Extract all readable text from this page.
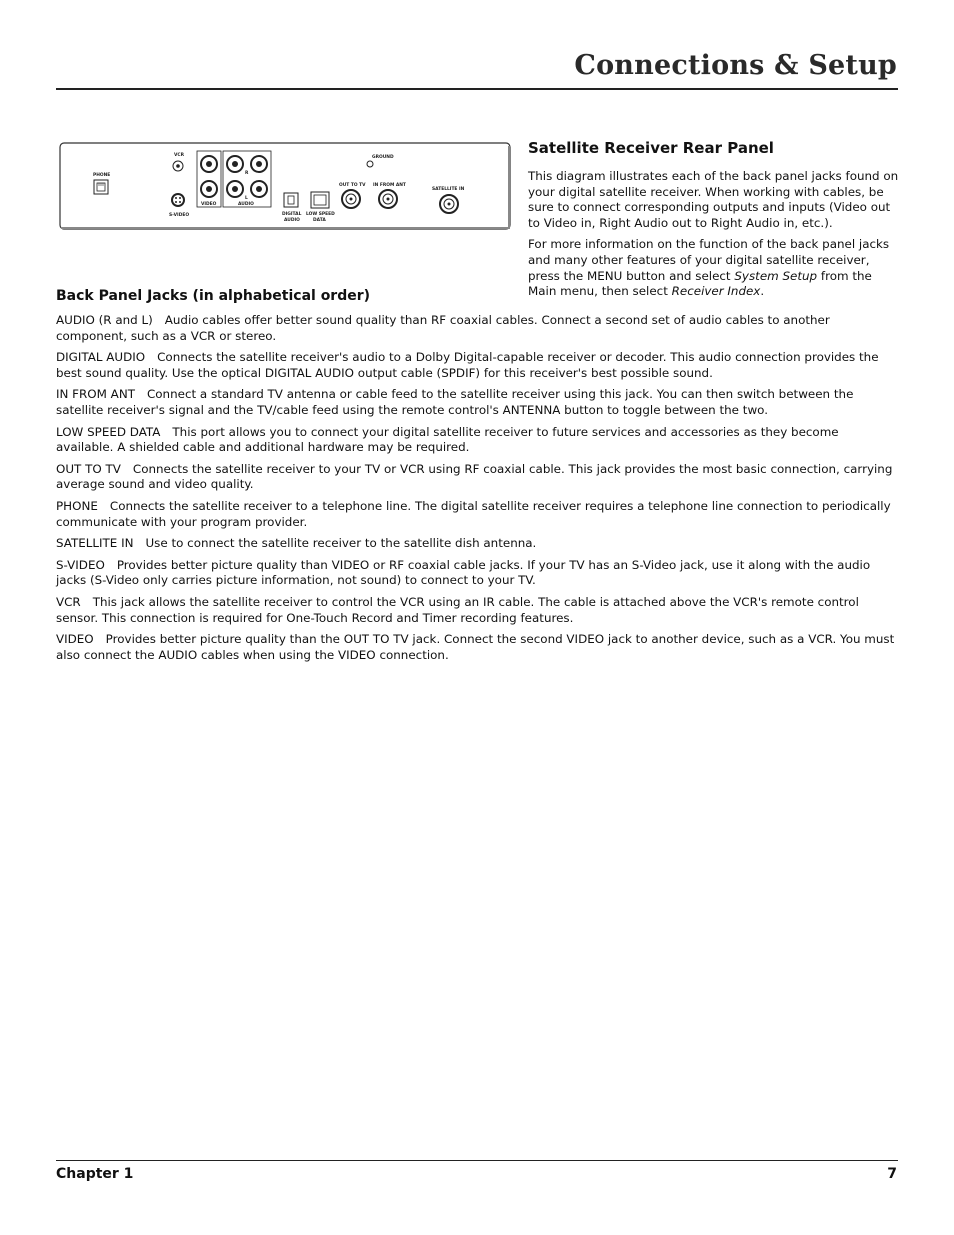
Connections & Setup
PHONE
VCR
S-VIDEO
R
L
VIDEO	AUDIO
DIGITAL
AUDIO
LOW SPEED
DATA
GROUND
OUT TO TV IN FROM ANT
SATELLITE IN
Satellite Receiver Rear Panel

This diagram illustrates each of the back panel jacks found on your digital satellite receiver. When working with cables, be sure to connect corresponding outputs and inputs (Video out to Video in, Right Audio out to Right Audio in, etc.).

For more information on the function of the back panel jacks and many other features of your digital satellite receiver, press the MENU button and select System Setup from the Main menu, then select Receiver Index.

Back Panel Jacks (in alphabetical order)

AUDIO (R and L) Audio cables offer better sound quality than RF coaxial cables. Connect a second set of audio cables to another component, such as a VCR or stereo.

DIGITAL AUDIO Connects the satellite receiver's audio to a Dolby Digital-capable receiver or decoder. This audio connection provides the best sound quality. Use the optical DIGITAL AUDIO output cable (SPDIF) for this receiver's best possible sound.

IN FROM ANT Connect a standard TV antenna or cable feed to the satellite receiver using this jack. You can then switch between the satellite receiver's signal and the TV/cable feed using the remote control's ANTENNA button to toggle between the two.

LOW SPEED DATA This port allows you to connect your digital satellite receiver to future services and accessories as they become available. A shielded cable and additional hardware may be required.

OUT TO TV Connects the satellite receiver to your TV or VCR using RF coaxial cable. This jack provides the most basic connection, carrying average sound and video quality.

PHONE Connects the satellite receiver to a telephone line. The digital satellite receiver requires a telephone line connection to periodically communicate with your program provider.

SATELLITE IN Use to connect the satellite receiver to the satellite dish antenna.

S-VIDEO Provides better picture quality than VIDEO or RF coaxial cable jacks. If your TV has an S-Video jack, use it along with the audio jacks (S-Video only carries picture information, not sound) to connect to your TV.

VCR This jack allows the satellite receiver to control the VCR using an IR cable. The cable is attached above the VCR's remote control sensor. This connection is required for One-Touch Record and Timer recording features.

VIDEO Provides better picture quality than the OUT TO TV jack. Connect the second VIDEO jack to another device, such as a VCR. You must also connect the AUDIO cables when using the VIDEO connection.

Chapter 1	7
